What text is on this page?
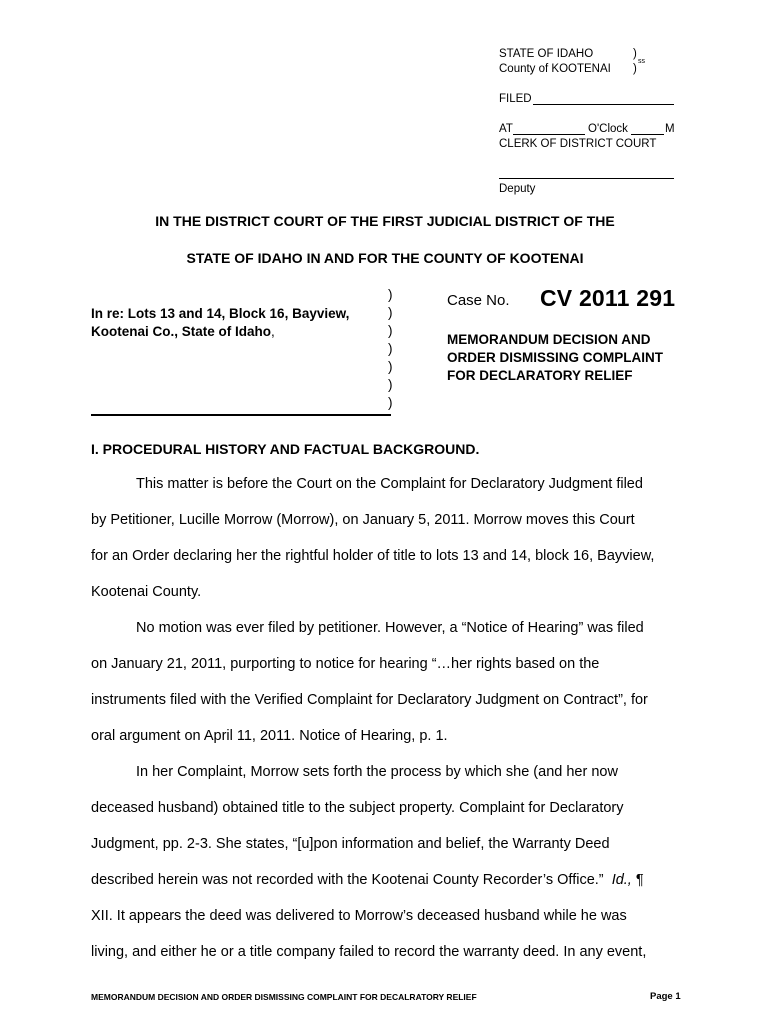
STATE OF IDAHO	)
County of KOOTENAI )
ss
FILED
AT	O'Clock	M
CLERK OF DISTRICT COURT
Deputy
IN THE DISTRICT COURT OF THE FIRST JUDICIAL DISTRICT OF THE
STATE OF IDAHO IN AND FOR THE COUNTY OF KOOTENAI
In re: Lots 13 and 14, Block 16, Bayview,
Kootenai Co., State of Idaho,
)
)
)
)
)
)
)
Case No. CV 2011 291
MEMORANDUM DECISION AND
ORDER DISMISSING COMPLAINT
FOR DECLARATORY RELIEF
I. PROCEDURAL HISTORY AND FACTUAL BACKGROUND.
This matter is before the Court on the Complaint for Declaratory Judgment filed
by Petitioner, Lucille Morrow (Morrow), on January 5, 2011. Morrow moves this Court
for an Order declaring her the rightful holder of title to lots 13 and 14, block 16, Bayview,
Kootenai County.
No motion was ever filed by petitioner. However, a “Notice of Hearing” was filed
on January 21, 2011, purporting to notice for hearing “…her rights based on the
instruments filed with the Verified Complaint for Declaratory Judgment on Contract”, for
oral argument on April 11, 2011. Notice of Hearing, p. 1.
In her Complaint, Morrow sets forth the process by which she (and her now
deceased husband) obtained title to the subject property. Complaint for Declaratory
Judgment, pp. 2-3. She states, “[u]pon information and belief, the Warranty Deed
described herein was not recorded with the Kootenai County Recorder’s Office.” Id., ¶
XII. It appears the deed was delivered to Morrow’s deceased husband while he was
living, and either he or a title company failed to record the warranty deed. In any event,
MEMORANDUM DECISION AND ORDER DISMISSING COMPLAINT FOR DECALRATORY RELIEF	Page 1
